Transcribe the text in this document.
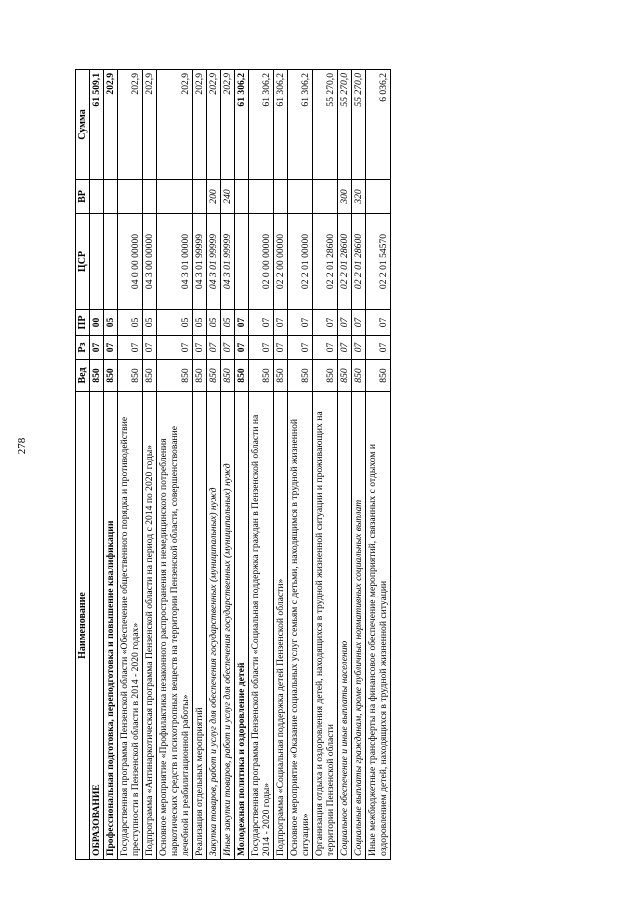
278
Наименование	Вед	Рз	ПР	ЦСР	ВР	Сумма
ОБРАЗОВАНИЕ	850	07	00			61 509,1
Профессиональная подготовка, переподготовка и повышение квалификации	850	07	05			202,9
Государственная программа Пензенской области «Обеспечение общественного порядка и противодействие преступности в Пензенской области в 2014 - 2020 годах»	850	07	05	04 0 00 00000		202,9
Подпрограмма «Антинаркотическая программа Пензенской области на период с 2014 по 2020 годы»	850	07	05	04 3 00 00000		202,9
Основное мероприятие «Профилактика незаконного распространения и немедицинского потребления наркотических средств и психотропных веществ на территории Пензенской области, совершенствование лечебной и реабилитационной работы»	850	07	05	04 3 01 00000		202,9
Реализация отдельных мероприятий	850	07	05	04 3 01 99999		202,9
Закупка товаров, работ и услуг для обеспечения государственных (муниципальных) нужд	850	07	05	04 3 01 99999	200	202,9
Иные закупки товаров, работ и услуг для обеспечения государственных (муниципальных) нужд	850	07	05	04 3 01 99999	240	202,9
Молодежная политика и оздоровление детей	850	07	07			61 306,2
Государственная программа Пензенской области «Социальная поддержка граждан в Пензенской области на 2014 - 2020 годы»	850	07	07	02 0 00 00000		61 306,2
Подпрограмма «Социальная поддержка детей Пензенской области»	850	07	07	02 2 00 00000		61 306,2
Основное мероприятие «Оказание социальных услуг семьям с детьми, находящимся в трудной жизненной ситуации»	850	07	07	02 2 01 00000		61 306,2
Организация отдыха и оздоровления детей, находящихся в трудной жизненной ситуации и проживающих на территории Пензенской области	850	07	07	02 2 01 28600		55 270,0
Социальное обеспечение и иные выплаты населению	850	07	07	02 2 01 28600	300	55 270,0
Социальные выплаты гражданам, кроме публичных нормативных социальных выплат	850	07	07	02 2 01 28600	320	55 270,0
Иные межбюджетные трансферты на финансовое обеспечение мероприятий, связанных с отдыхом и оздоровлением детей, находящихся в трудной жизненной ситуации	850	07	07	02 2 01 54570		6 036,2
